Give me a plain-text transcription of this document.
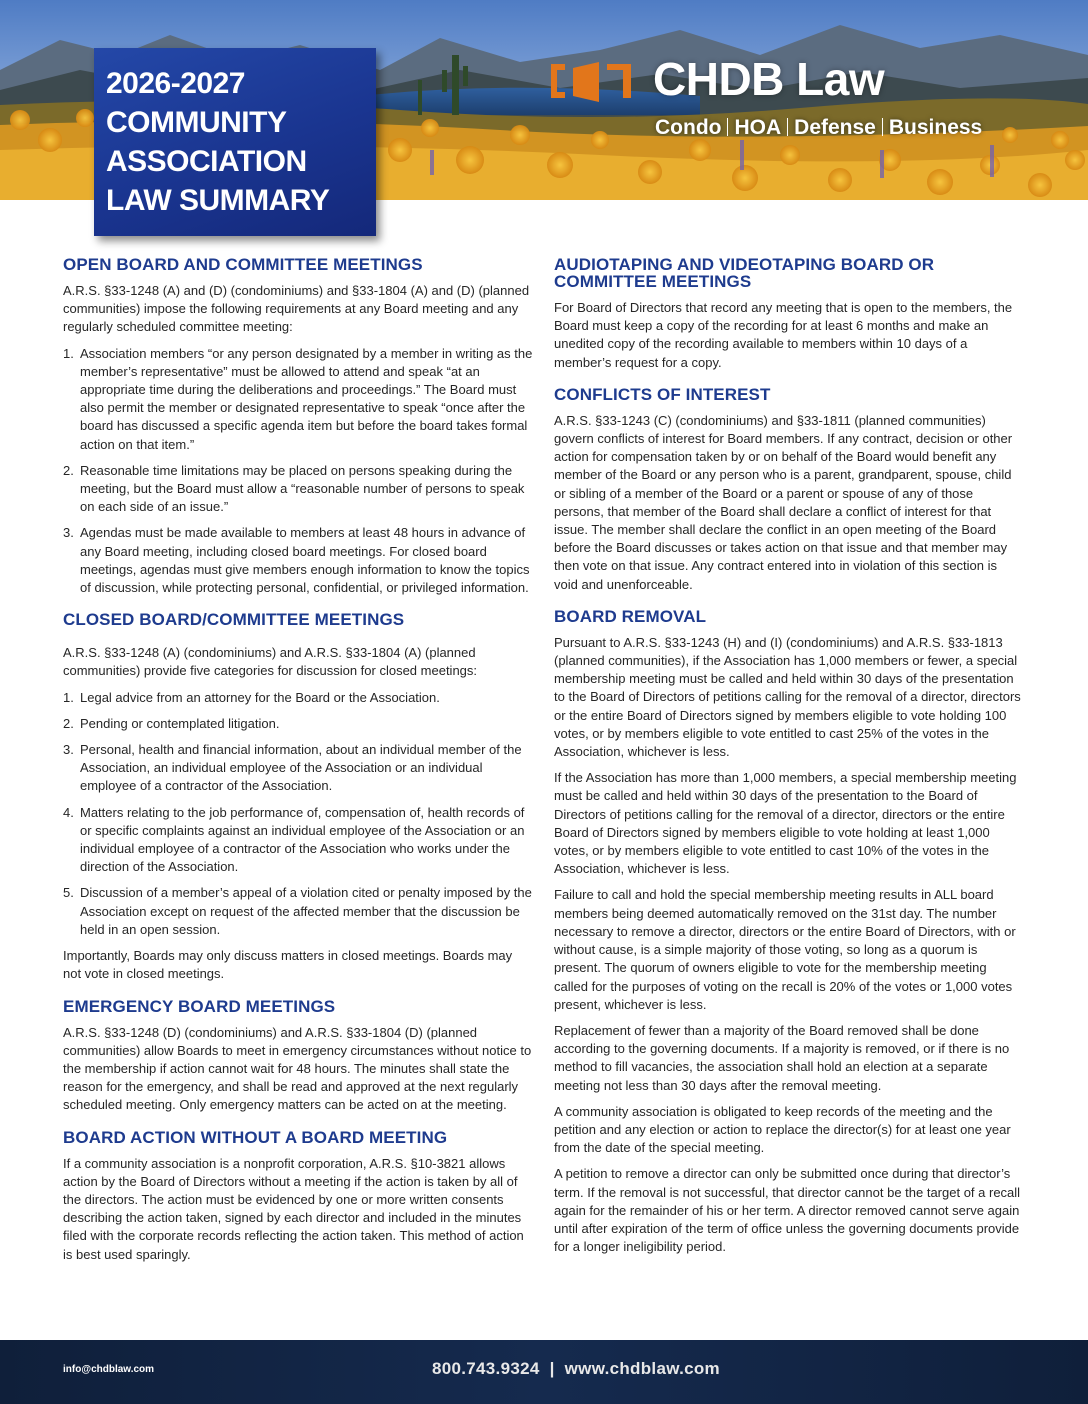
2026-2027
COMMUNITY
ASSOCIATION
LAW SUMMARY
CHDB Law
Condo HOA Defense Business
OPEN BOARD AND COMMITTEE MEETINGS

A.R.S. §33-1248 (A) and (D) (condominiums) and §33-1804 (A) and (D) (planned communities) impose the following requirements at any Board meeting and any regularly scheduled committee meeting:

1. Association members “or any person designated by a member in writing as the member’s representative” must be allowed to attend and speak “at an appropriate time during the deliberations and proceedings.” The Board must also permit the member or designated representative to speak “once after the board has discussed a specific agenda item but before the board takes formal action on that item.”
2. Reasonable time limitations may be placed on persons speaking during the meeting, but the Board must allow a “reasonable number of persons to speak on each side of an issue.”
3. Agendas must be made available to members at least 48 hours in advance of any Board meeting, including closed board meetings. For closed board meetings, agendas must give members enough information to know the topics of discussion, while protecting personal, confidential, or privileged information.
CLOSED BOARD/COMMITTEE MEETINGS

A.R.S. §33-1248 (A) (condominiums) and A.R.S. §33-1804 (A) (planned communities) provide five categories for discussion for closed meetings:

1. Legal advice from an attorney for the Board or the Association.
2. Pending or contemplated litigation.
3. Personal, health and financial information, about an individual member of the Association, an individual employee of the Association or an individual employee of a contractor of the Association.
4. Matters relating to the job performance of, compensation of, health records of or specific complaints against an individual employee of the Association or an individual employee of a contractor of the Association who works under the direction of the Association.
5. Discussion of a member’s appeal of a violation cited or penalty imposed by the Association except on request of the affected member that the discussion be held in an open session.

Importantly, Boards may only discuss matters in closed meetings. Boards may not vote in closed meetings.

EMERGENCY BOARD MEETINGS

A.R.S. §33-1248 (D) (condominiums) and A.R.S. §33-1804 (D) (planned communities) allow Boards to meet in emergency circumstances without notice to the membership if action cannot wait for 48 hours. The minutes shall state the reason for the emergency, and shall be read and approved at the next regularly scheduled meeting. Only emergency matters can be acted on at the meeting.

BOARD ACTION WITHOUT A BOARD MEETING

If a community association is a nonprofit corporation, A.R.S. §10-3821 allows action by the Board of Directors without a meeting if the action is taken by all of the directors. The action must be evidenced by one or more written consents describing the action taken, signed by each director and included in the minutes filed with the corporate records reflecting the action taken. This method of action is best used sparingly.

AUDIOTAPING AND VIDEOTAPING BOARD OR
COMMITTEE MEETINGS

For Board of Directors that record any meeting that is open to the members, the Board must keep a copy of the recording for at least 6 months and make an unedited copy of the recording available to members within 10 days of a member’s request for a copy.

CONFLICTS OF INTEREST

A.R.S. §33-1243 (C) (condominiums) and §33-1811 (planned communities) govern conflicts of interest for Board members. If any contract, decision or other action for compensation taken by or on behalf of the Board would benefit any member of the Board or any person who is a parent, grandparent, spouse, child or sibling of a member of the Board or a parent or spouse of any of those persons, that member of the Board shall declare a conflict of interest for that issue. The member shall declare the conflict in an open meeting of the Board before the Board discusses or takes action on that issue and that member may then vote on that issue. Any contract entered into in violation of this section is void and unenforceable.

BOARD REMOVAL

Pursuant to A.R.S. §33-1243 (H) and (I) (condominiums) and A.R.S. §33-1813 (planned communities), if the Association has 1,000 members or fewer, a special membership meeting must be called and held within 30 days of the presentation to the Board of Directors of petitions calling for the removal of a director, directors or the entire Board of Directors signed by members eligible to vote holding 100 votes, or by members eligible to vote entitled to cast 25% of the votes in the Association, whichever is less.

If the Association has more than 1,000 members, a special membership meeting must be called and held within 30 days of the presentation to the Board of Directors of petitions calling for the removal of a director, directors or the entire Board of Directors signed by members eligible to vote holding at least 1,000 votes, or by members eligible to vote entitled to cast 10% of the votes in the Association, whichever is less.

Failure to call and hold the special membership meeting results in ALL board members being deemed automatically removed on the 31st day. The number necessary to remove a director, directors or the entire Board of Directors, with or without cause, is a simple majority of those voting, so long as a quorum is present. The quorum of owners eligible to vote for the membership meeting called for the purposes of voting on the recall is 20% of the votes or 1,000 votes present, whichever is less.

Replacement of fewer than a majority of the Board removed shall be done according to the governing documents. If a majority is removed, or if there is no method to fill vacancies, the association shall hold an election at a separate meeting not less than 30 days after the removal meeting.

A community association is obligated to keep records of the meeting and the petition and any election or action to replace the director(s) for at least one year from the date of the special meeting.

A petition to remove a director can only be submitted once during that director’s term. If the removal is not successful, that director cannot be the target of a recall again for the remainder of his or her term. A director removed cannot serve again until after expiration of the term of office unless the governing documents provide for a longer ineligibility period.

info@chdblaw.com	800.743.9324 | www.chdblaw.com
